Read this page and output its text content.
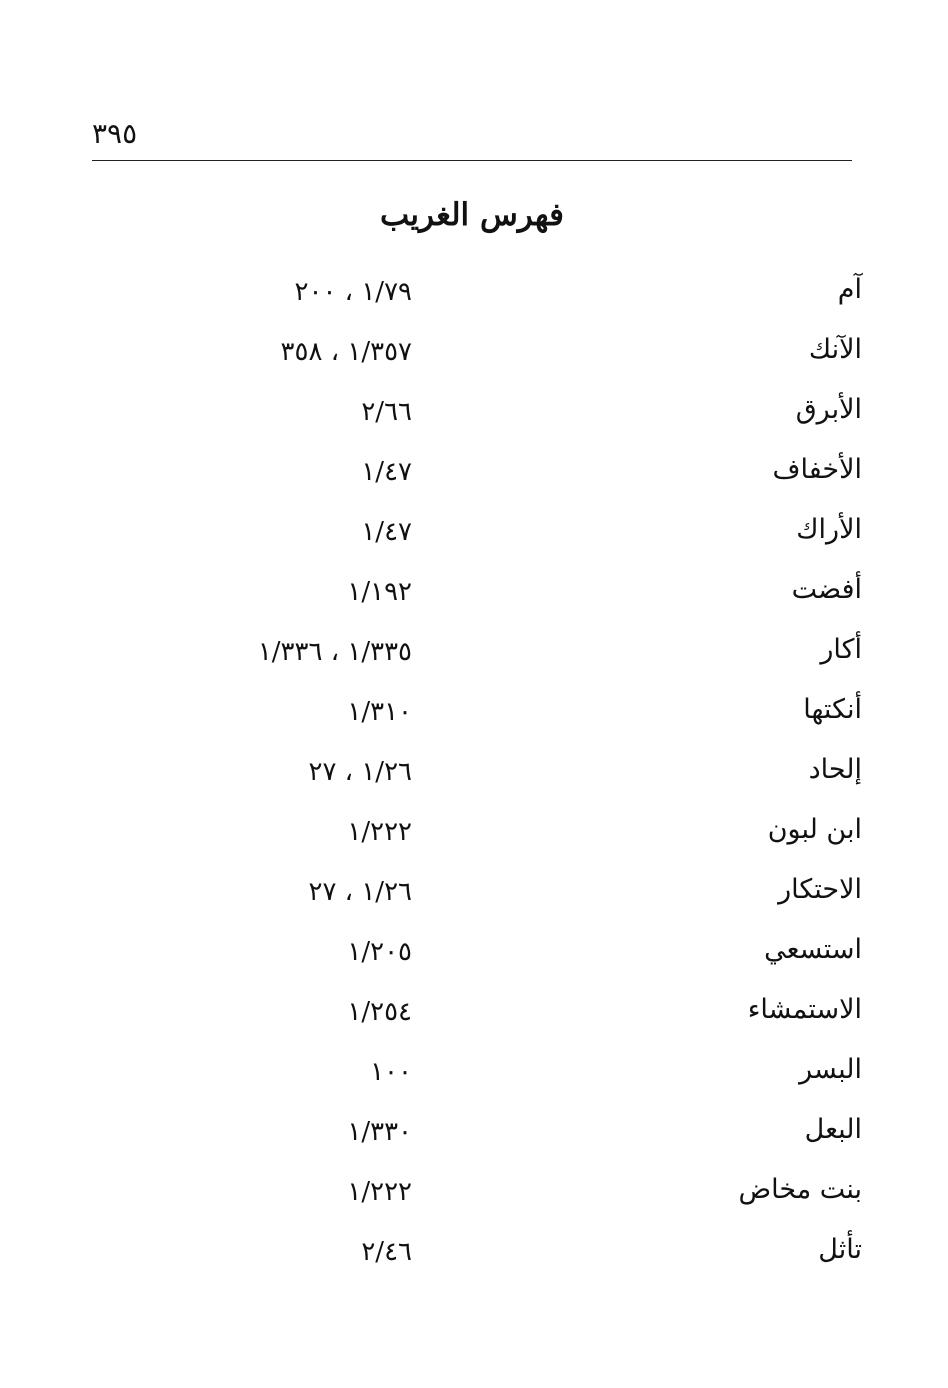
٣٩٥
فهرس الغريب
آم
١/٧٩ ، ٢٠٠
الآنك
١/٣٥٧ ، ٣٥٨
الأبرق
٢/٦٦
الأخفاف
١/٤٧
الأراك
١/٤٧
أفضت
١/١٩٢
أكار
١/٣٣٥ ، ١/٣٣٦
أنكتها
١/٣١٠
إلحاد
١/٢٦ ، ٢٧
ابن لبون
١/٢٢٢
الاحتكار
١/٢٦ ، ٢٧
استسعي
١/٢٠٥
الاستمشاء
١/٢٥٤
البسر
١٠٠
البعل
١/٣٣٠
بنت مخاض
١/٢٢٢
تأثل
٢/٤٦
